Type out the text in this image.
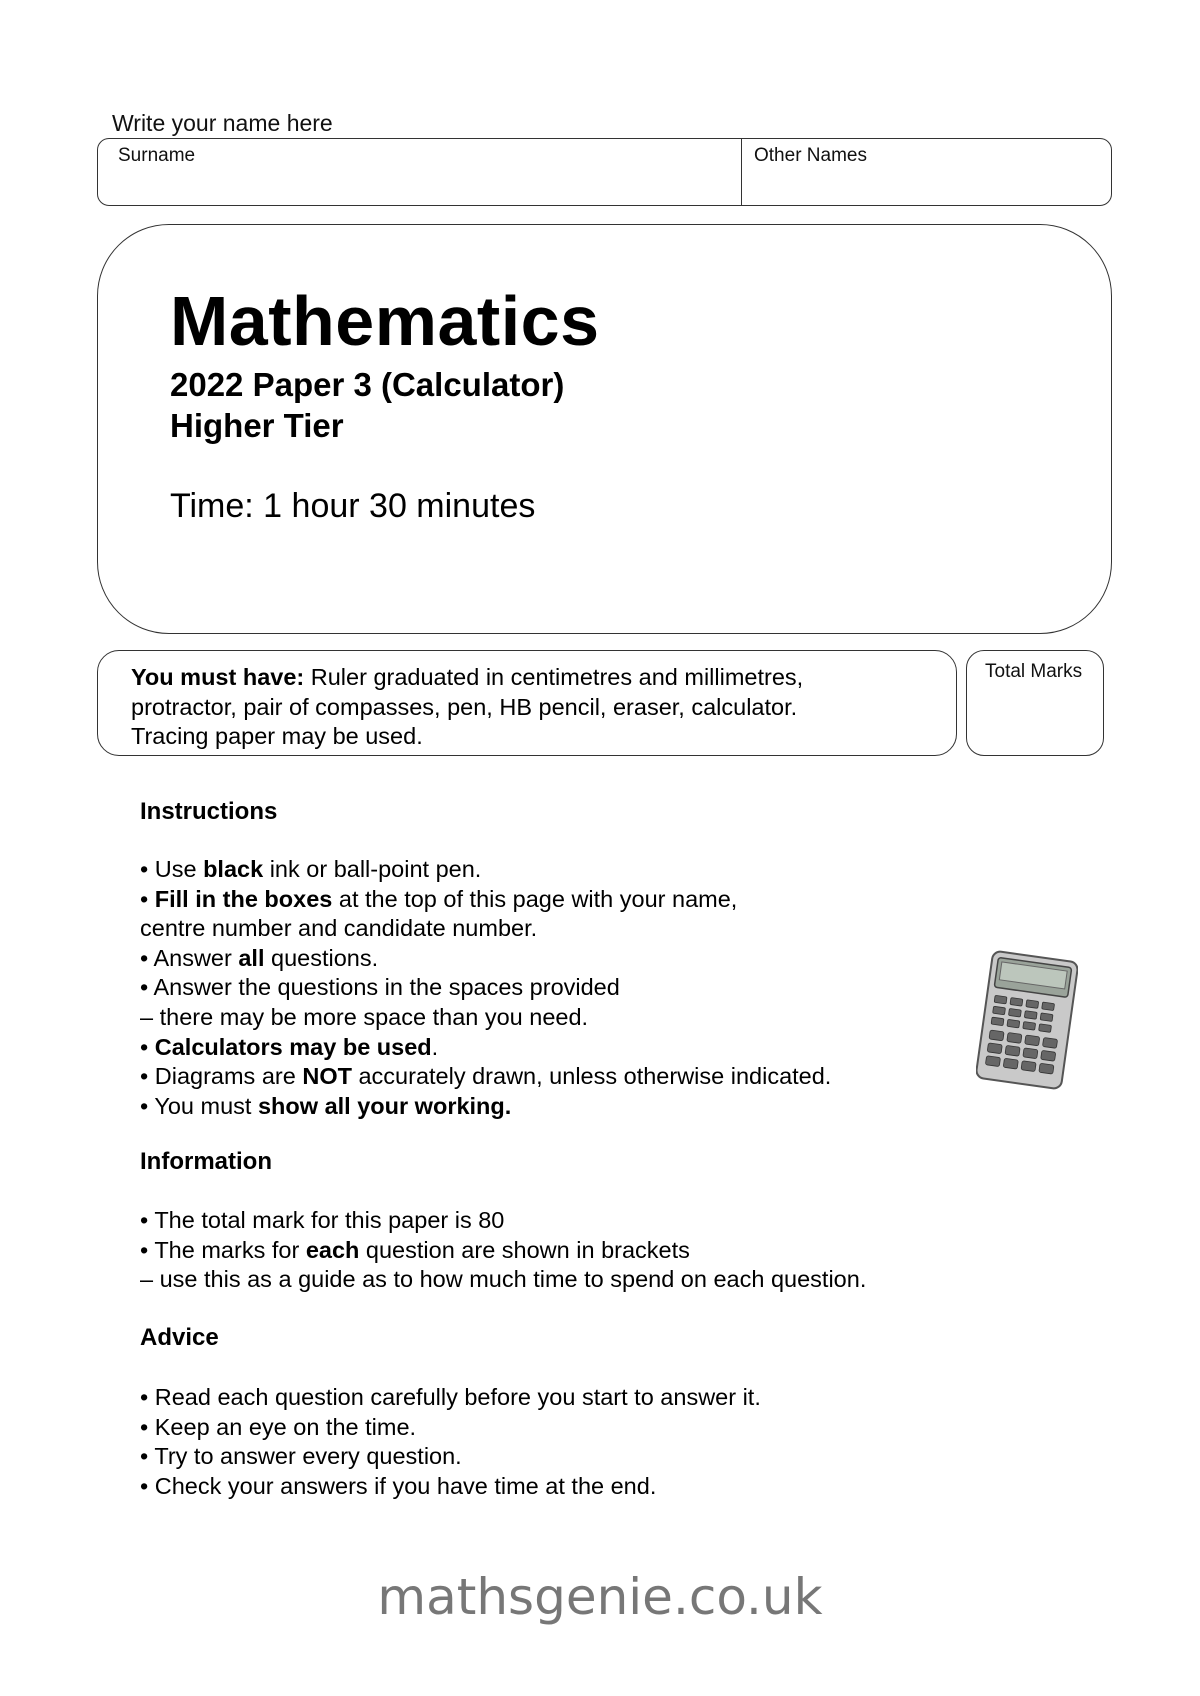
Write your name here
Surname	Other Names
Mathematics
2022 Paper 3 (Calculator)
Higher Tier
Time: 1 hour 30 minutes
You must have: Ruler graduated in centimetres and millimetres,
protractor, pair of compasses, pen, HB pencil, eraser, calculator.
Tracing paper may be used.
Total Marks
Instructions
• Use black ink or ball-point pen.
• Fill in the boxes at the top of this page with your name,
centre number and candidate number.
• Answer all questions.
• Answer the questions in the spaces provided
– there may be more space than you need.
• Calculators may be used.
• Diagrams are NOT accurately drawn, unless otherwise indicated.
• You must show all your working.
Information
• The total mark for this paper is 80
• The marks for each question are shown in brackets
– use this as a guide as to how much time to spend on each question.
Advice
• Read each question carefully before you start to answer it.
• Keep an eye on the time.
• Try to answer every question.
• Check your answers if you have time at the end.
mathsgenie.co.uk
